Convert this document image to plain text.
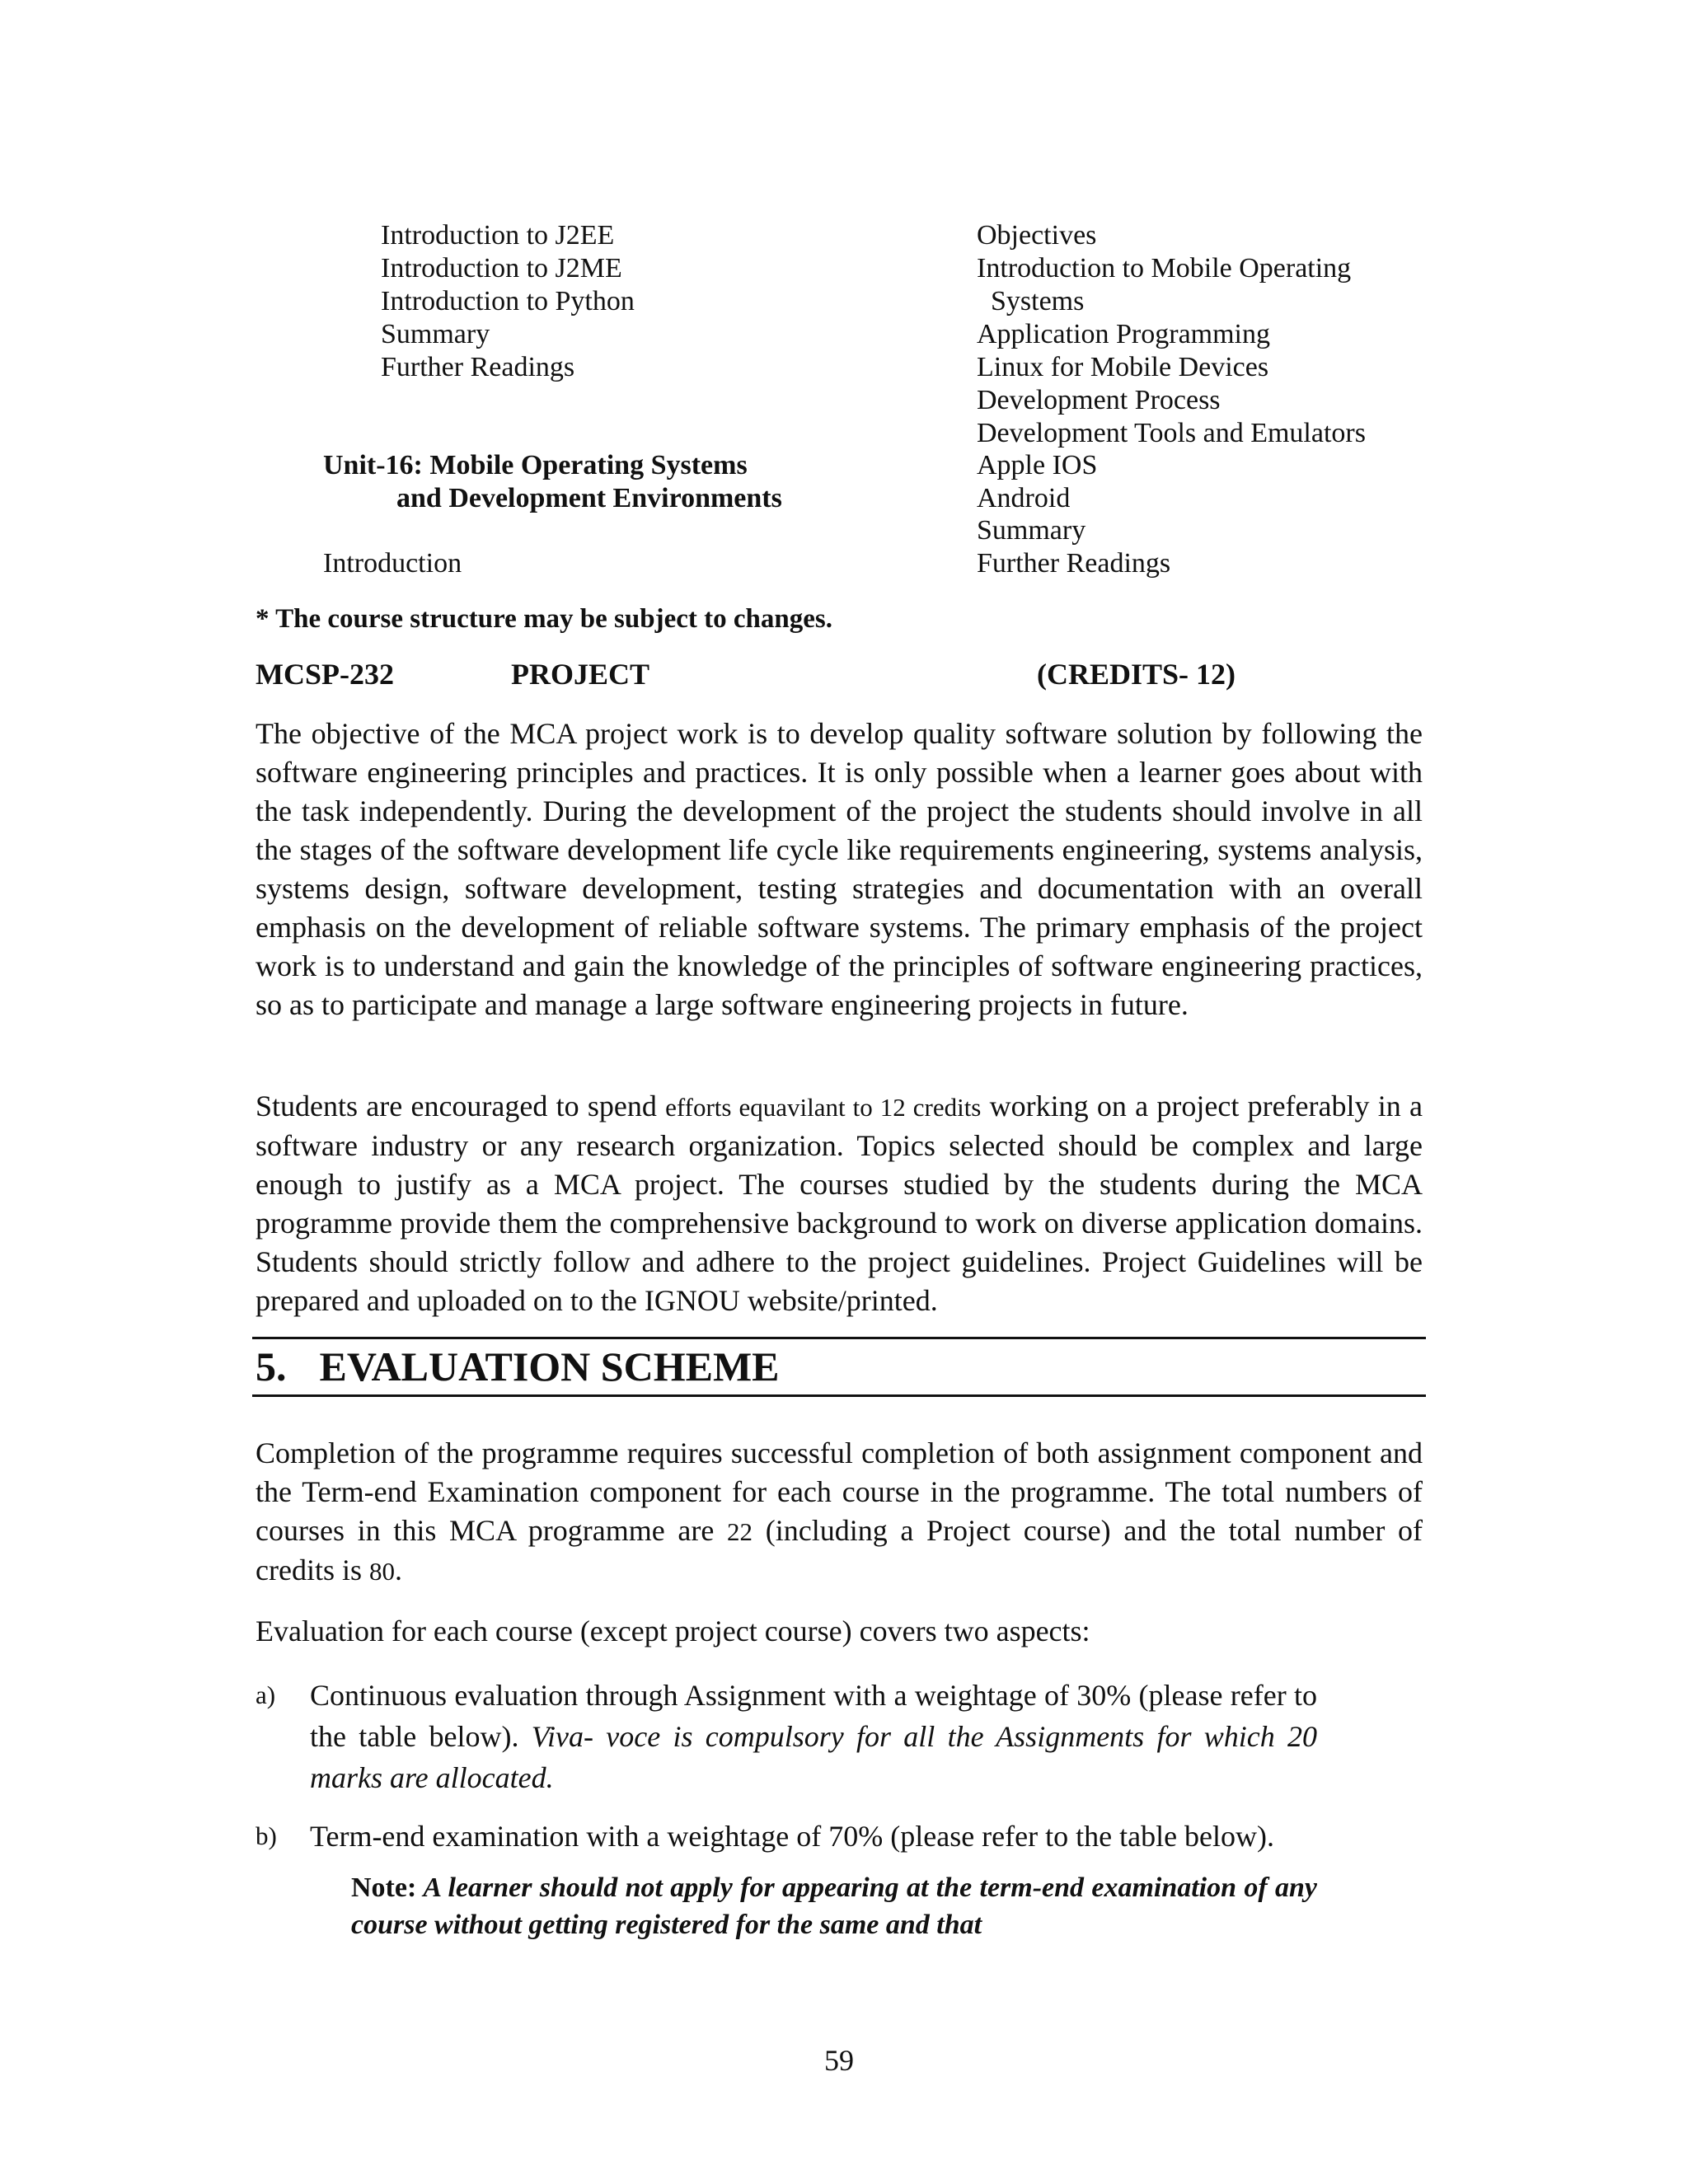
Introduction to J2EE
Introduction to J2ME
Introduction to Python
Summary
Further Readings
Unit-16: Mobile Operating Systems
and Development Environments
Introduction
Objectives
Introduction to Mobile Operating
Systems
Application Programming
Linux for Mobile Devices
Development Process
Development Tools and Emulators
Apple IOS
Android
Summary
Further Readings
* The course structure may be subject to changes.
MCSP-232	PROJECT	(CREDITS- 12)
The objective of the MCA project work is to develop quality software solution by following the software engineering principles and practices. It is only possible when a learner goes about with the task independently. During the development of the project the students should involve in all the stages of the software development life cycle like requirements engineering, systems analysis, systems design, software development, testing strategies and documentation with an overall emphasis on the development of reliable software systems. The primary emphasis of the project work is to understand and gain the knowledge of the principles of software engineering practices, so as to participate and manage a large software engineering projects in future.
Students are encouraged to spend efforts equavilant to 12 credits working on a project preferably in a software industry or any research organization. Topics selected should be complex and large enough to justify as a MCA project. The courses studied by the students during the MCA programme provide them the comprehensive background to work on diverse application domains. Students should strictly follow and adhere to the project guidelines. Project Guidelines will be prepared and uploaded on to the IGNOU website/printed.
5. EVALUATION SCHEME
Completion of the programme requires successful completion of both assignment component and the Term-end Examination component for each course in the programme. The total numbers of courses in this MCA programme are 22 (including a Project course) and the total number of credits is 80.
Evaluation for each course (except project course) covers two aspects:
a) Continuous evaluation through Assignment with a weightage of 30% (please refer to the table below). Viva- voce is compulsory for all the Assignments for which 20 marks are allocated.
b) Term-end examination with a weightage of 70% (please refer to the table below).
Note: A learner should not apply for appearing at the term-end examination of any course without getting registered for the same and that
59
